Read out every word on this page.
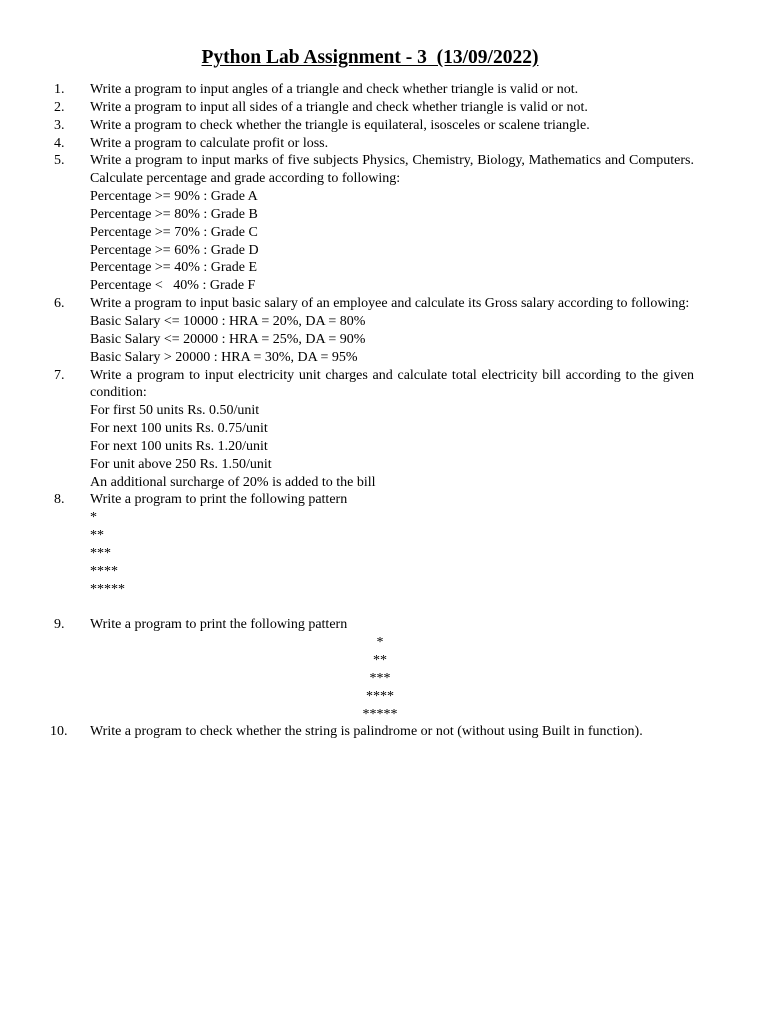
Python Lab Assignment - 3  (13/09/2022)
1.	Write a program to input angles of a triangle and check whether triangle is valid or not.
2.	Write a program to input all sides of a triangle and check whether triangle is valid or not.
3.	Write a program to check whether the triangle is equilateral, isosceles or scalene triangle.
4.	Write a program to calculate profit or loss.
5.	Write a program to input marks of five subjects Physics, Chemistry, Biology, Mathematics and Computers. Calculate percentage and grade according to following:
Percentage >= 90% : Grade A
Percentage >= 80% : Grade B
Percentage >= 70% : Grade C
Percentage >= 60% : Grade D
Percentage >= 40% : Grade E
Percentage <   40% : Grade F
6.	Write a program to input basic salary of an employee and calculate its Gross salary according to following:
Basic Salary <= 10000 : HRA = 20%, DA = 80%
Basic Salary <= 20000 : HRA = 25%, DA = 90%
Basic Salary > 20000 : HRA = 30%, DA = 95%
7.	Write a program to input electricity unit charges and calculate total electricity bill according to the given condition:
For first 50 units Rs. 0.50/unit
For next 100 units Rs. 0.75/unit
For next 100 units Rs. 1.20/unit
For unit above 250 Rs. 1.50/unit
An additional surcharge of 20% is added to the bill
8.	Write a program to print the following pattern
*
**
***
****
*****
9.	Write a program to print the following pattern
*
**
***
****
*****
10.	Write a program to check whether the string is palindrome or not (without using Built in function).
